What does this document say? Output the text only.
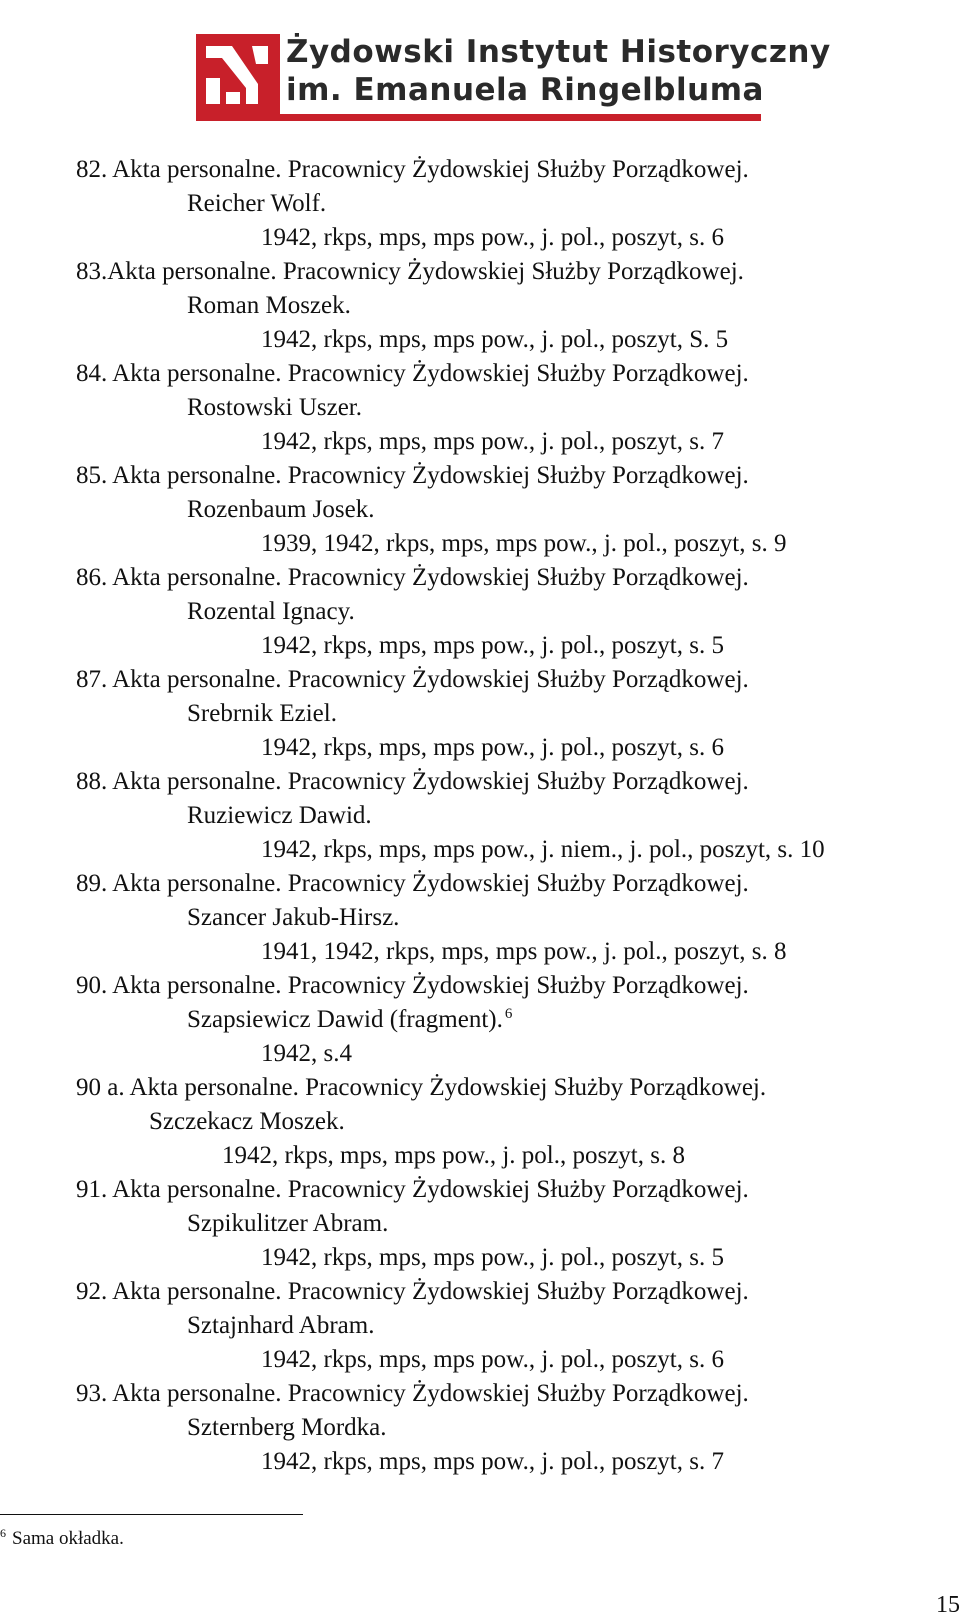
Żydowski Instytut Historyczny
im. Emanuela Ringelbluma
82. Akta personalne. Pracownicy Żydowskiej Służby Porządkowej.
Reicher Wolf.
1942, rkps, mps, mps pow., j. pol., poszyt, s. 6
83.Akta personalne. Pracownicy Żydowskiej Służby Porządkowej.
Roman Moszek.
1942, rkps, mps, mps pow., j. pol., poszyt, S. 5
84. Akta personalne. Pracownicy Żydowskiej Służby Porządkowej.
Rostowski Uszer.
1942, rkps, mps, mps pow., j. pol., poszyt, s. 7
85. Akta personalne. Pracownicy Żydowskiej Służby Porządkowej.
Rozenbaum Josek.
1939, 1942, rkps, mps, mps pow., j. pol., poszyt, s. 9
86. Akta personalne. Pracownicy Żydowskiej Służby Porządkowej.
Rozental Ignacy.
1942, rkps, mps, mps pow., j. pol., poszyt, s. 5
87. Akta personalne. Pracownicy Żydowskiej Służby Porządkowej.
Srebrnik Eziel.
1942, rkps, mps, mps pow., j. pol., poszyt, s. 6
88. Akta personalne. Pracownicy Żydowskiej Służby Porządkowej.
Ruziewicz Dawid.
1942, rkps, mps, mps pow., j. niem., j. pol., poszyt, s. 10
89. Akta personalne. Pracownicy Żydowskiej Służby Porządkowej.
Szancer Jakub-Hirsz.
1941, 1942, rkps, mps, mps pow., j. pol., poszyt, s. 8
90. Akta personalne. Pracownicy Żydowskiej Służby Porządkowej.
Szapsiewicz Dawid (fragment). $^6$
1942, s.4
90 a. Akta personalne. Pracownicy Żydowskiej Służby Porządkowej.
Szczekacz Moszek.
1942, rkps, mps, mps pow., j. pol., poszyt, s. 8
91. Akta personalne. Pracownicy Żydowskiej Służby Porządkowej.
Szpikulitzer Abram.
1942, rkps, mps, mps pow., j. pol., poszyt, s. 5
92. Akta personalne. Pracownicy Żydowskiej Służby Porządkowej.
Sztajnhard Abram.
1942, rkps, mps, mps pow., j. pol., poszyt, s. 6
93. Akta personalne. Pracownicy Żydowskiej Służby Porządkowej.
Szternberg Mordka.
1942, rkps, mps, mps pow., j. pol., poszyt, s. 7
$^6$ Sama okładka.
15
